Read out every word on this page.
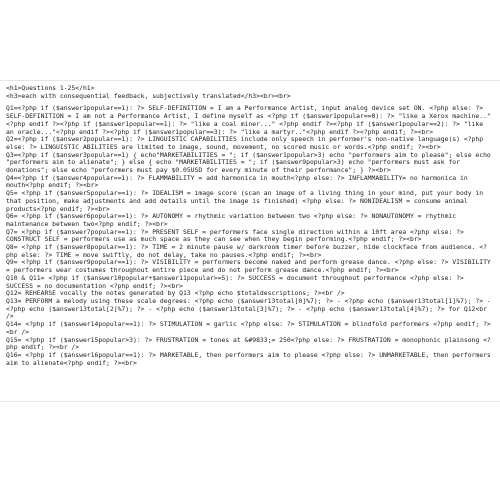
<h1>Questions 1-25</h1>
<h3>each with consequential feedback, subjectively translated</h3><br><br>
Q1=<?php if ($answer1popular==1): ?> SELF-DEFINITION = I am a Performance Artist, input analog device set ON. <?php else: ?> SELF-DEFINITION = I am not a Performance Artist, I define myself as <?php if ($answer1popular==0): ?> "like a Xerox machine.." <?php endif ?><?php if ($answer1popular==1): ?> "like a coal miner..." <?php endif ?><?php if ($answer1popular==2): ?> "like an oracle..."<?php endif ?><?php if ($answer1popular==3): ?> "like a martyr.."<?php endif ?><?php endif; ?><br>
Q2=<?php if ($answer2popular==1): ?> LINGUISTIC CAPABILITIES include only speech in performer's non-native language(s) <?php else: ?> LINGUISTIC ABILITIES are limited to image, sound, movement, no scored music or words.<?php endif; ?><br>
Q3=<?php if ($answer3popular==1) { echo"MARKETABILITIES = "; if ($answer1popular>3) echo "performers aim to please"; else echo "performers aim to alienate"; } else { echo "MARKETABILITIES = "; if ($answer9popular>3) echo "performers must ask for donations"; else echo "performers must pay $0.05USD for every minute of their performance"; } ?><br>
Q4=<?php if ($answer4popular==1): ?> FLAMMABILITY = add harmonica in mouth<?php else: ?> INFLAMMABILITY= no harmonica in mouth<?php endif; ?><br>
Q5= <?php if ($answer5popular==1): ?> IDEALISM = image score (scan an image of a living thing in your mind, put your body in that position, make adjustments and add details until the image is finished) <?php else: ?> NONIDEALISM = consume animal products<?php endif; ?><br>
Q6= <?php if ($answer6popular==1): ?> AUTONOMY = rhythmic variation between two <?php else: ?> NONAUTONOMY = rhythmic maintenance between two<?php endif; ?><br>
Q7= <?php if ($answer7popular==1): ?> PRESENT SELF = performers face single direction within a 10ft area <?php else: ?> CONSTRUCT SELF = performers use as much space as they can see when they begin performing.<?php endif; ?><br>
Q8= <?php if ($answer8popular==1): ?> TIME = 2 minute pause w/ darkroom timer before buzzer, hide clockface from audience. <?php else: ?> TIME = move swiftly, do not delay, take no pauses.<?php endif; ?><br>
Q9= <?php if ($answer9popular==1): ?> VISIBILITY = performers become naked and perform grease dance. <?php else: ?> VISIBILITY = performers wear costumes throughout entire piece and do not perform grease dance.<?php endif; ?><br>
Q10 & Q11= <?php if ($answer10popular+$answer11popular>=5): ?> SUCCESS = document throughout performance <?php else: ?> SUCCESS = no documentation <?php endif; ?><br>
Q12= REHEARSE vocally the notes generated by Q13 <?php echo $totaldescriptions; ?><br />
Q13= PERFORM a melody using these scale degrees: <?php echo ($answer13total[0]%7); ?> - <?php echo ($answer13total[1]%7); ?> - <?php echo ($answer13total[2]%7); ?> - <?php echo ($answer13total[3]%7); ?> - <?php echo ($answer13total[4]%7); ?> for Q12<br />
Q14= <?php if ($answer14popular==1): ?> STIMULATION = garlic <?php else: ?> STIMULATION = blindfold performers <?php endif; ?><br />
Q15= <?php if ($answer15popular>3): ?> FRUSTRATION = tones at &#9833;= 250<?php else: ?> FRUSTRATION = monophonic plainsong <?php endif; ?><br />
Q16= <?php if ($answer16popular==1): ?> MARKETABLE, then performers aim to please <?php else: ?> UNMARKETABLE, then performers aim to alienate<?php endif; ?><br>
